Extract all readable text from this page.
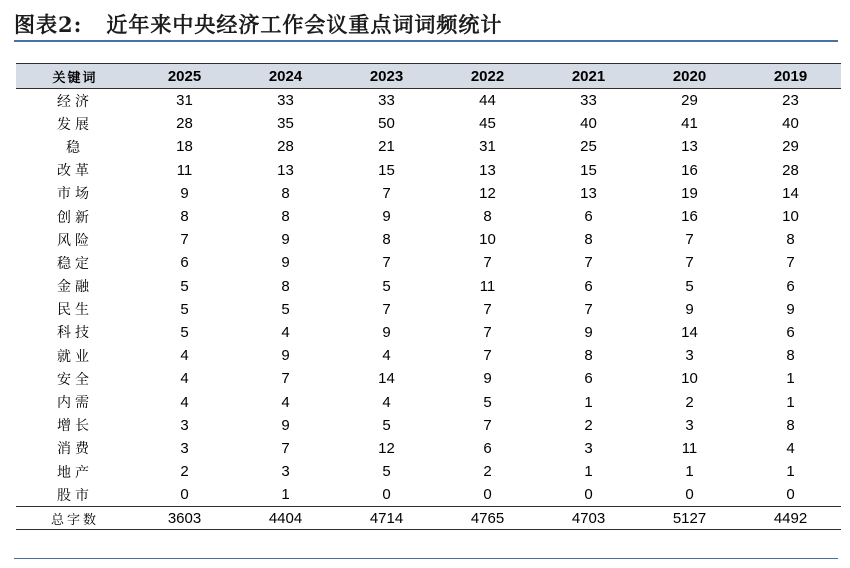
图表2: 近年来中央经济工作会议重点词词频统计
关键词	2025	2024	2023	2022	2021	2020	2019
经济	31	33	33	44	33	29	23
发展	28	35	50	45	40	41	40
稳	18	28	21	31	25	13	29
改革	11	13	15	13	15	16	28
市场	9	8	7	12	13	19	14
创新	8	8	9	8	6	16	10
风险	7	9	8	10	8	7	8
稳定	6	9	7	7	7	7	7
金融	5	8	5	11	6	5	6
民生	5	5	7	7	7	9	9
科技	5	4	9	7	9	14	6
就业	4	9	4	7	8	3	8
安全	4	7	14	9	6	10	1
内需	4	4	4	5	1	2	1
增长	3	9	5	7	2	3	8
消费	3	7	12	6	3	11	4
地产	2	3	5	2	1	1	1
股市	0	1	0	0	0	0	0
总字数	3603	4404	4714	4765	4703	5127	4492
